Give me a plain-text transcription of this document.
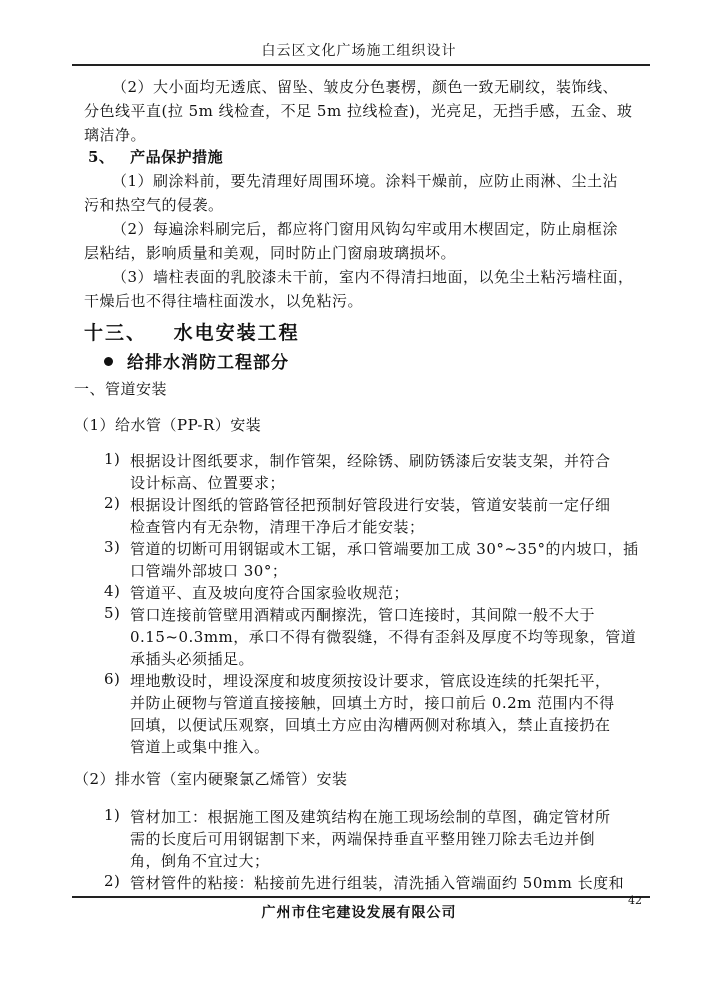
白云区文化广场施工组织设计
（2）大小面均无透底、留坠、皱皮分色裹楞，颜色一致无刷纹，装饰线、
分色线平直(拉 5m 线检查，不足 5m 拉线检查)，光亮足，无挡手感，五金、玻
璃洁净。
5、 产品保护措施
（1）刷涂料前，要先清理好周围环境。涂料干燥前，应防止雨淋、尘土沾
污和热空气的侵袭。
（2）每遍涂料刷完后，都应将门窗用风钩勾牢或用木楔固定，防止扇框涂
层粘结，影响质量和美观，同时防止门窗扇玻璃损坏。
（3）墙柱表面的乳胶漆未干前，室内不得清扫地面，以免尘土粘污墙柱面，
干燥后也不得往墙柱面泼水，以免粘污。
十三、 水电安装工程
给排水消防工程部分
一、管道安装
（1）给水管（PP-R）安装
1) 根据设计图纸要求，制作管架，经除锈、刷防锈漆后安装支架，并符合
设计标高、位置要求；
2) 根据设计图纸的管路管径把预制好管段进行安装，管道安装前一定仔细
检查管内有无杂物，清理干净后才能安装；
3) 管道的切断可用钢锯或木工锯，承口管端要加工成 30°~35°的内坡口，插
口管端外部坡口 30°；
4) 管道平、直及坡向度符合国家验收规范；
5) 管口连接前管壁用酒精或丙酮擦洗，管口连接时，其间隙一般不大于
0.15~0.3mm，承口不得有微裂缝，不得有歪斜及厚度不均等现象，管道
承插头必须插足。
6) 埋地敷设时，埋设深度和坡度须按设计要求，管底设连续的托架托平，
并防止硬物与管道直接接触，回填土方时，接口前后 0.2m 范围内不得
回填，以便试压观察，回填土方应由沟槽两侧对称填入，禁止直接扔在
管道上或集中推入。
（2）排水管（室内硬聚氯乙烯管）安装
1) 管材加工：根据施工图及建筑结构在施工现场绘制的草图，确定管材所
需的长度后可用钢锯割下来，两端保持垂直平整用锉刀除去毛边并倒
角，倒角不宜过大；
2) 管材管件的粘接：粘接前先进行组装，清洗插入管端面约 50mm 长度和
广州市住宅建设发展有限公司
42
